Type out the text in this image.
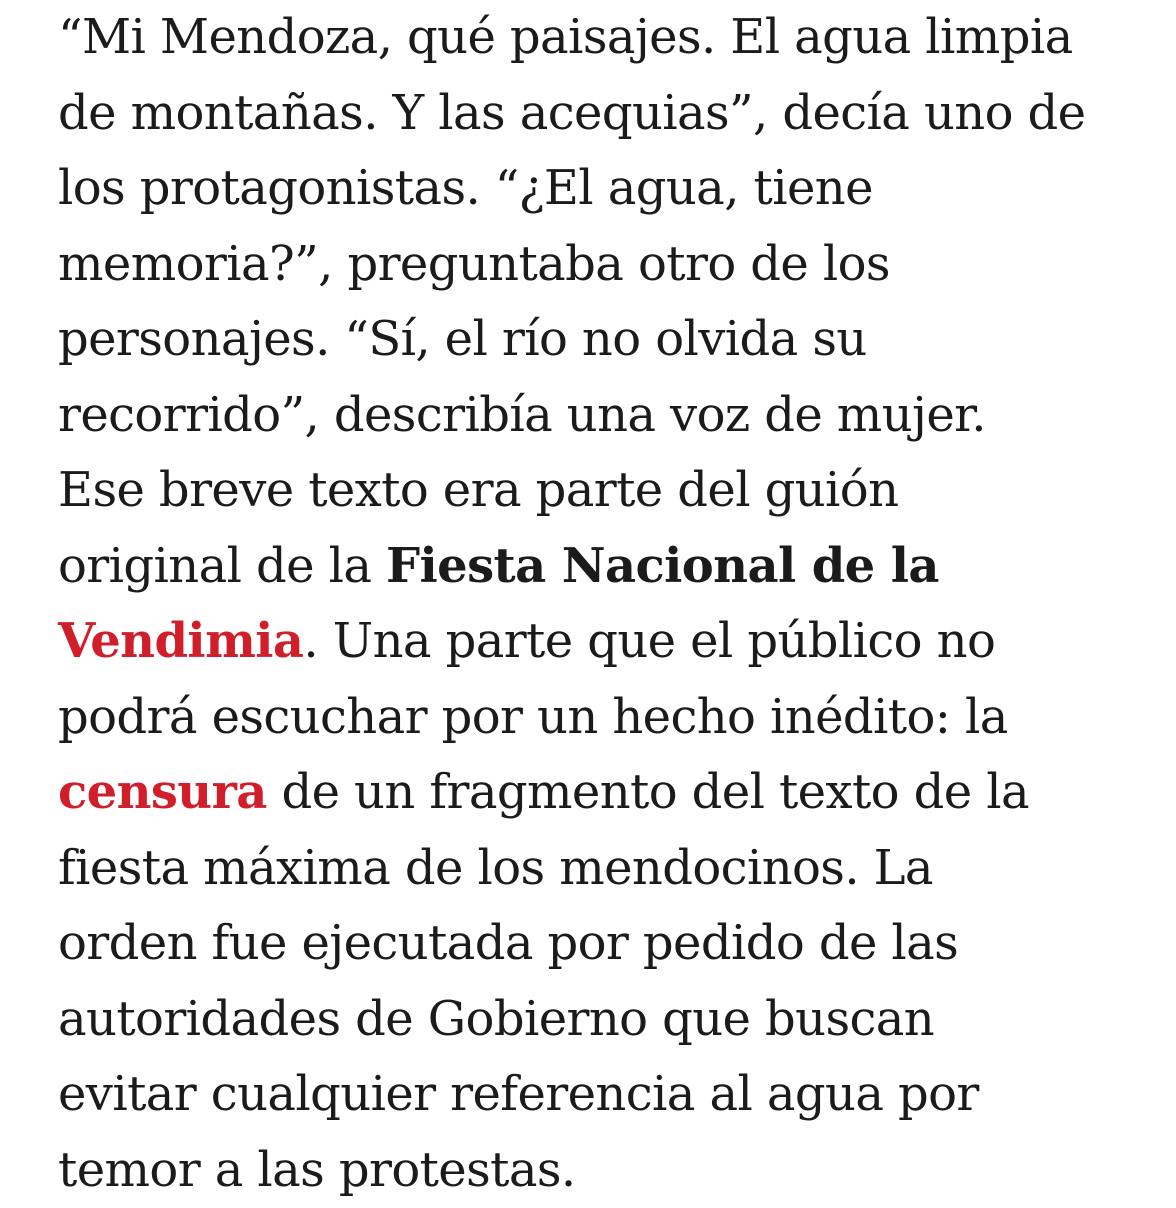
“Mi Mendoza, qué paisajes. El agua limpia
de montañas. Y las acequias”, decía uno de
los protagonistas. “¿El agua, tiene
memoria?”, preguntaba otro de los
personajes. “Sí, el río no olvida su
recorrido”, describía una voz de mujer.
Ese breve texto era parte del guión
original de la Fiesta Nacional de la
Vendimia. Una parte que el público no
podrá escuchar por un hecho inédito: la
censura de un fragmento del texto de la
fiesta máxima de los mendocinos. La
orden fue ejecutada por pedido de las
autoridades de Gobierno que buscan
evitar cualquier referencia al agua por
temor a las protestas.
